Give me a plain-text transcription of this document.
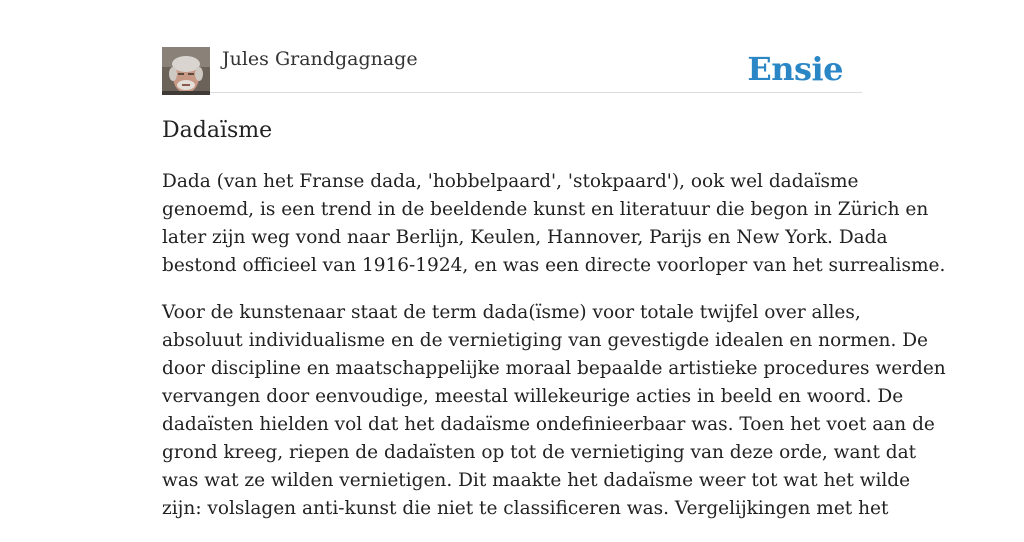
Jules Grandgagnage	Ensie
Dadaïsme

Dada (van het Franse dada, 'hobbelpaard', 'stokpaard'), ook wel dadaïsme
genoemd, is een trend in de beeldende kunst en literatuur die begon in Zürich en
later zijn weg vond naar Berlijn, Keulen, Hannover, Parijs en New York. Dada
bestond officieel van 1916-1924, en was een directe voorloper van het surrealisme.

Voor de kunstenaar staat de term dada(ïsme) voor totale twijfel over alles,
absoluut individualisme en de vernietiging van gevestigde idealen en normen. De
door discipline en maatschappelijke moraal bepaalde artistieke procedures werden
vervangen door eenvoudige, meestal willekeurige acties in beeld en woord. De
dadaïsten hielden vol dat het dadaïsme ondefinieerbaar was. Toen het voet aan de
grond kreeg, riepen de dadaïsten op tot de vernietiging van deze orde, want dat
was wat ze wilden vernietigen. Dit maakte het dadaïsme weer tot wat het wilde
zijn: volslagen anti-kunst die niet te classificeren was. Vergelijkingen met het
